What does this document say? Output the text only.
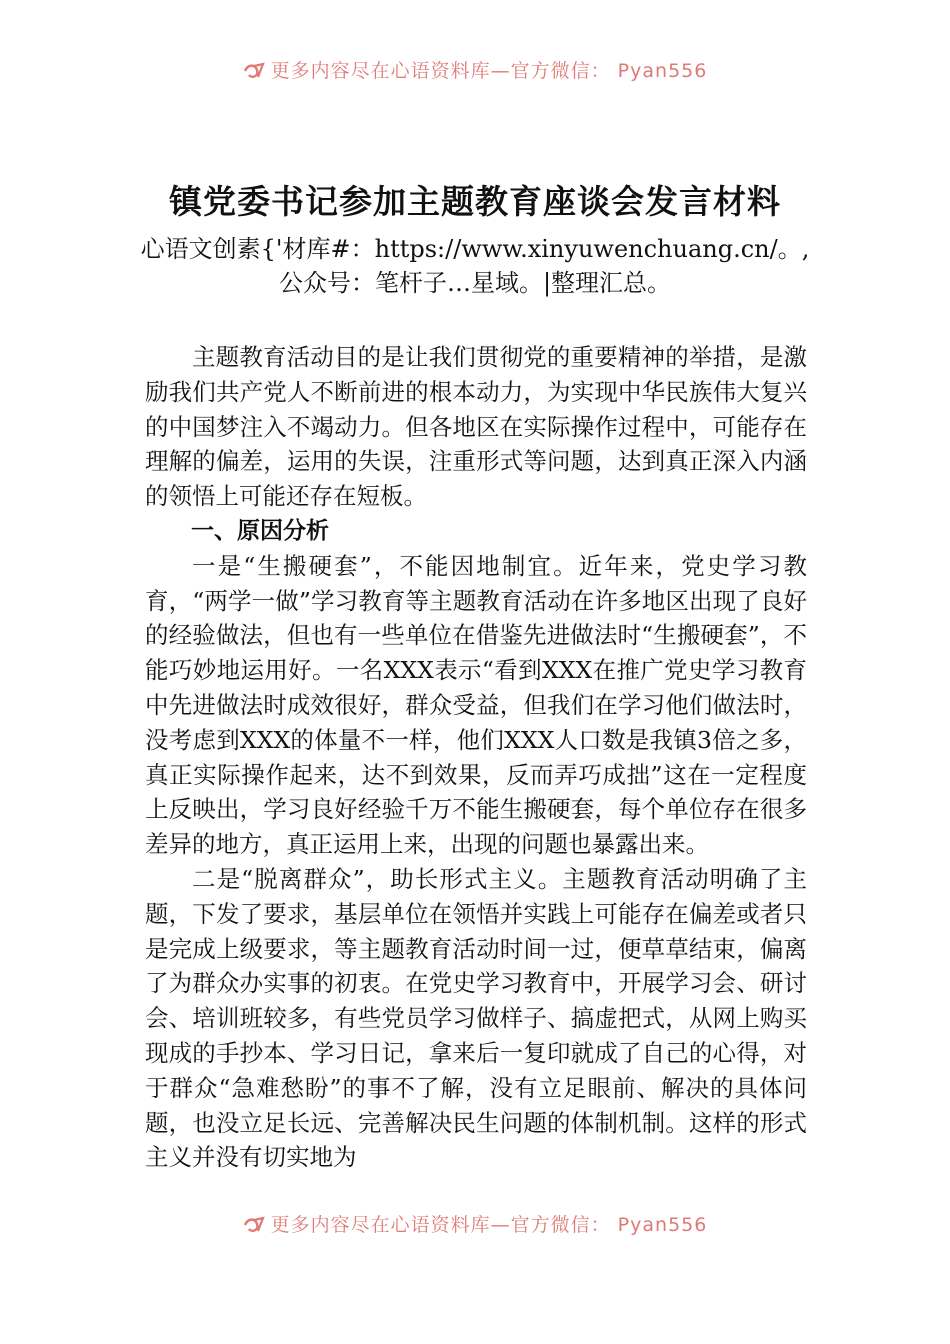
更多内容尽在心语资料库—官方微信： Pyan556
镇党委书记参加主题教育座谈会发言材料
心语文创素{'材库#：https://www.xinyuwenchuang.cn/。,公众号：笔杆子…星域。|整理汇总。

主题教育活动目的是让我们贯彻党的重要精神的举措，是激励我们共产党人不断前进的根本动力，为实现中华民族伟大复兴的中国梦注入不竭动力。但各地区在实际操作过程中，可能存在理解的偏差，运用的失误，注重形式等问题，达到真正深入内涵的领悟上可能还存在短板。

一、原因分析

一是“生搬硬套”，不能因地制宜。近年来，党史学习教育，“两学一做”学习教育等主题教育活动在许多地区出现了良好的经验做法，但也有一些单位在借鉴先进做法时“生搬硬套”，不能巧妙地运用好。一名XXX表示“看到XXX在推广党史学习教育中先进做法时成效很好，群众受益，但我们在学习他们做法时，没考虑到XXX的体量不一样，他们XXX人口数是我镇3倍之多，真正实际操作起来，达不到效果，反而弄巧成拙”这在一定程度上反映出，学习良好经验千万不能生搬硬套，每个单位存在很多差异的地方，真正运用上来，出现的问题也暴露出来。

二是“脱离群众”，助长形式主义。主题教育活动明确了主题，下发了要求，基层单位在领悟并实践上可能存在偏差或者只是完成上级要求，等主题教育活动时间一过，便草草结束，偏离了为群众办实事的初衷。在党史学习教育中，开展学习会、研讨会、培训班较多，有些党员学习做样子、搞虚把式，从网上购买现成的手抄本、学习日记，拿来后一复印就成了自己的心得，对于群众“急难愁盼”的事不了解，没有立足眼前、解决的具体问题，也没立足长远、完善解决民生问题的体制机制。这样的形式主义并没有切实地为

更多内容尽在心语资料库—官方微信： Pyan556
